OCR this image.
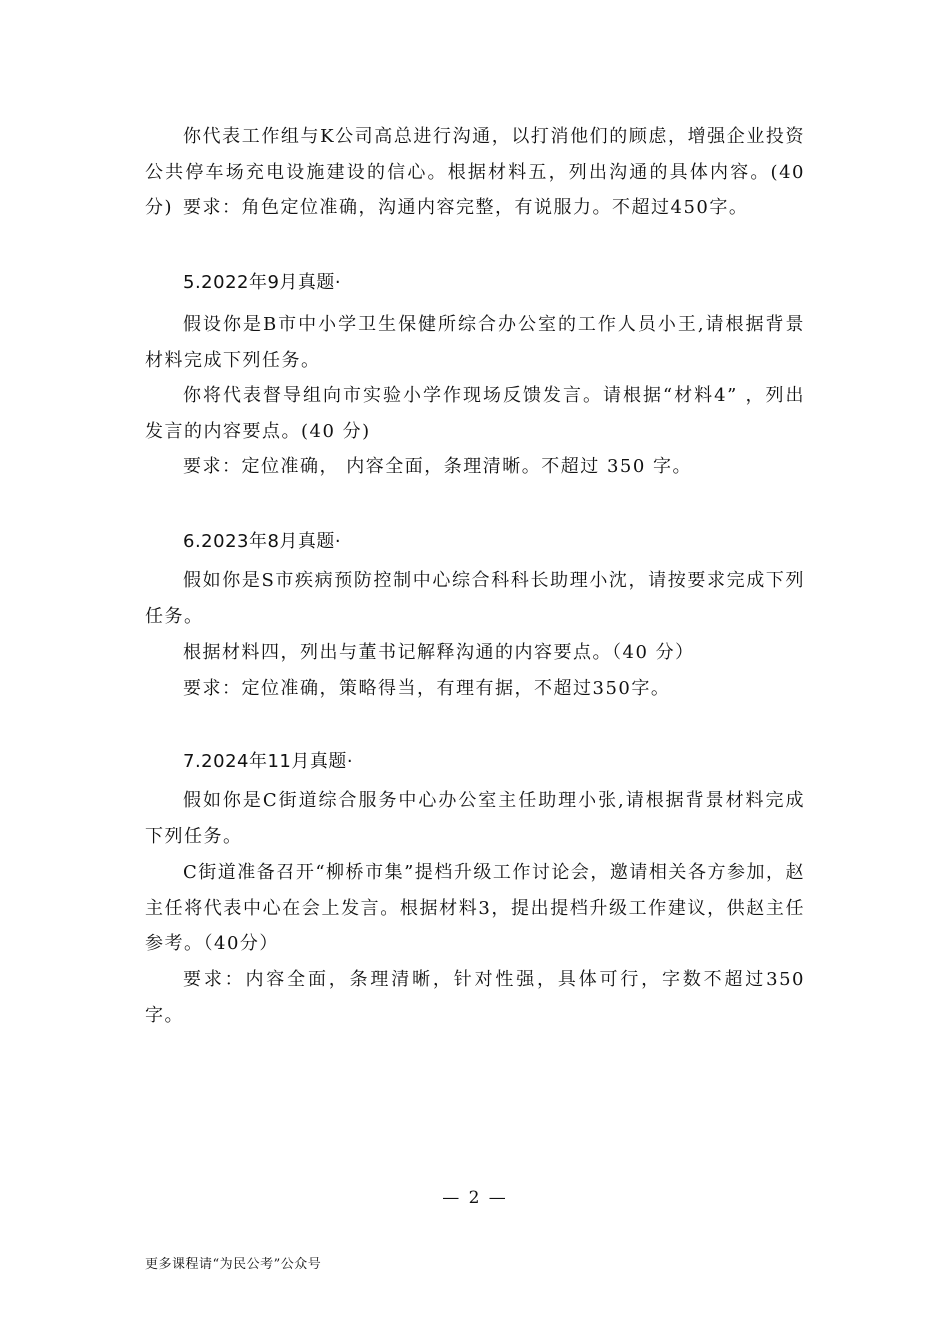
你代表工作组与K公司高总进行沟通，以打消他们的顾虑，增强企业投资公共停车场充电设施建设的信心。根据材料五，列出沟通的具体内容。(40 分) 要求：角色定位准确，沟通内容完整，有说服力。不超过450字。

5.2022年9月真题·

假设你是B市中小学卫生保健所综合办公室的工作人员小王,请根据背景材料完成下列任务。

你将代表督导组向市实验小学作现场反馈发言。请根据“材料4” ，列出发言的内容要点。(40 分)

要求：定位准确， 内容全面，条理清晰。不超过 350 字。

6.2023年8月真题·

假如你是S市疾病预防控制中心综合科科长助理小沈，请按要求完成下列任务。

根据材料四，列出与董书记解释沟通的内容要点。（40 分）

要求：定位准确，策略得当，有理有据，不超过350字。

7.2024年11月真题·

假如你是C街道综合服务中心办公室主任助理小张,请根据背景材料完成下列任务。

C街道准备召开“柳桥市集”提档升级工作讨论会，邀请相关各方参加，赵主任将代表中心在会上发言。根据材料3，提出提档升级工作建议，供赵主任参考。（40分）

要求：内容全面，条理清晰，针对性强，具体可行，字数不超过350字。

— 2 —
更多课程请“为民公考”公众号
